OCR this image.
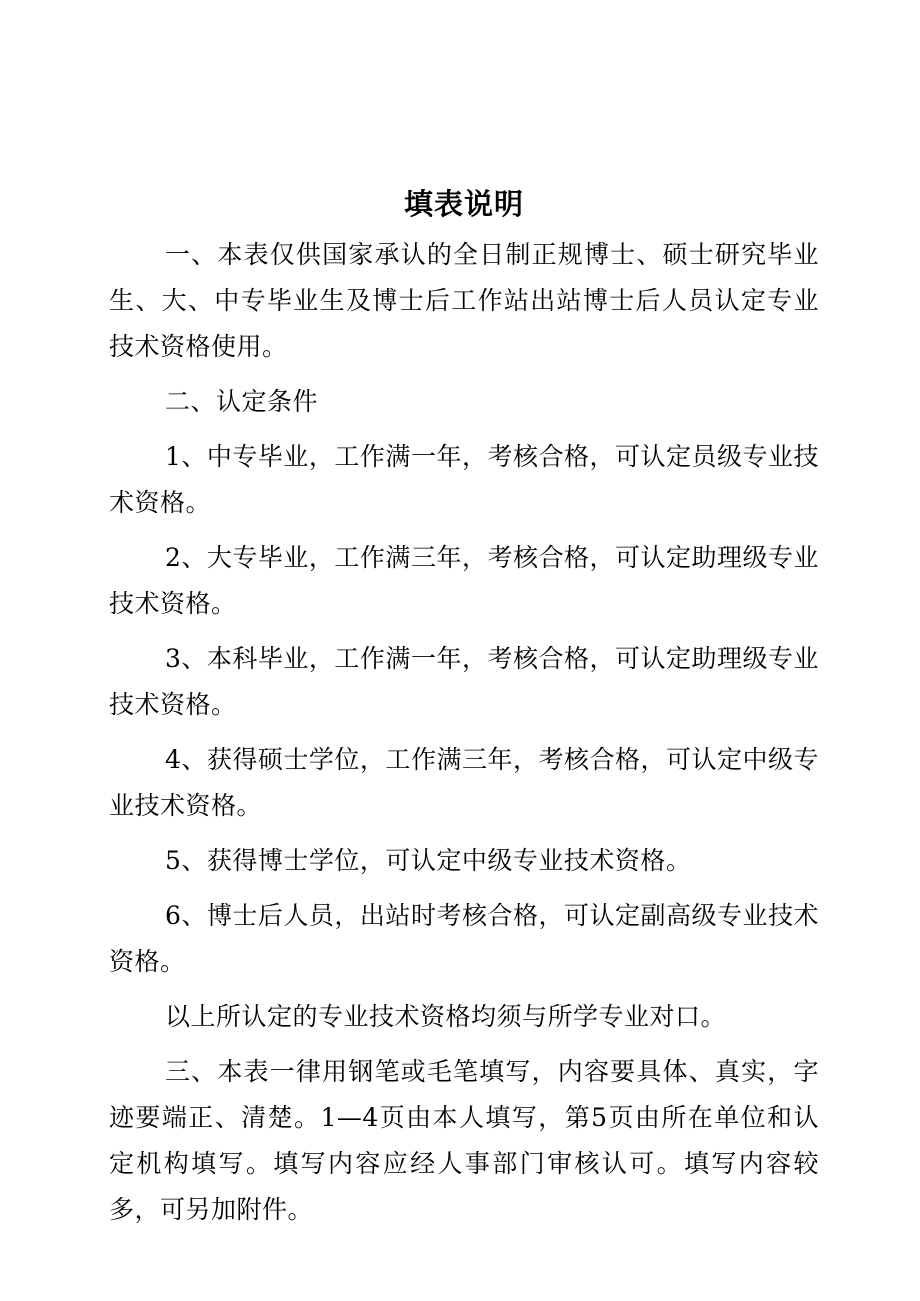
填表说明

一、本表仅供国家承认的全日制正规博士、硕士研究毕业生、大、中专毕业生及博士后工作站出站博士后人员认定专业技术资格使用。

二、认定条件

1、中专毕业，工作满一年，考核合格，可认定员级专业技术资格。

2、大专毕业，工作满三年，考核合格，可认定助理级专业技术资格。

3、本科毕业，工作满一年，考核合格，可认定助理级专业技术资格。

4、获得硕士学位，工作满三年，考核合格，可认定中级专业技术资格。

5、获得博士学位，可认定中级专业技术资格。

6、博士后人员，出站时考核合格，可认定副高级专业技术资格。

以上所认定的专业技术资格均须与所学专业对口。

三、本表一律用钢笔或毛笔填写，内容要具体、真实，字迹要端正、清楚。1—4页由本人填写，第5页由所在单位和认定机构填写。填写内容应经人事部门审核认可。填写内容较多，可另加附件。
